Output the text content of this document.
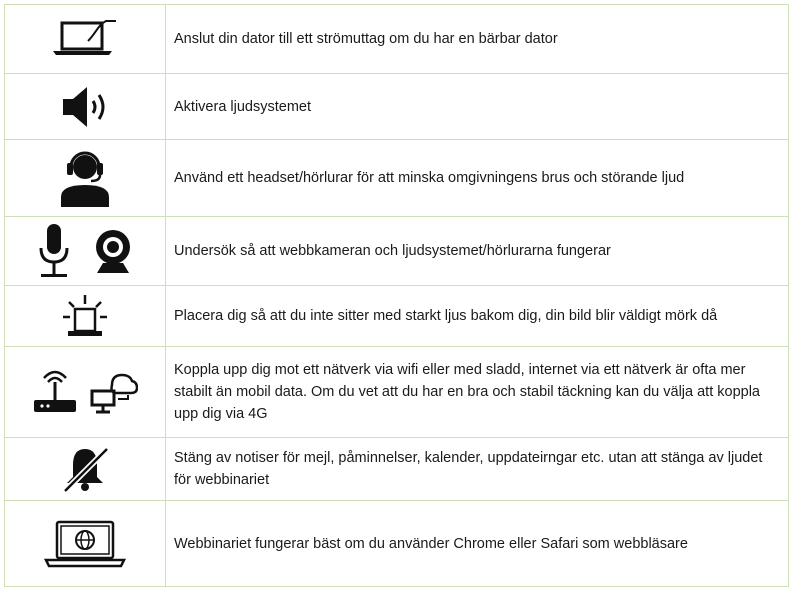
	Anslut din dator till ett strömuttag om du har en bärbar dator
	Aktivera ljudsystemet
	Använd ett headset/hörlurar för att minska omgivningens brus och störande ljud

	Undersök så att webbkameran och ljudsystemet/hörlurarna fungerar
	Placera dig så att du inte sitter med starkt ljus bakom dig, din bild blir väldigt mörk då

	Koppla upp dig mot ett nätverk via wifi eller med sladd, internet via ett nätverk är ofta mer stabilt än mobil data. Om du vet att du har en bra och stabil täckning kan du välja att koppla upp dig via 4G
	Stäng av notiser för mejl, påminnelser, kalender, uppdateirngar etc. utan att stänga av ljudet för webbinariet
	Webbinariet fungerar bäst om du använder Chrome eller Safari som webbläsare
